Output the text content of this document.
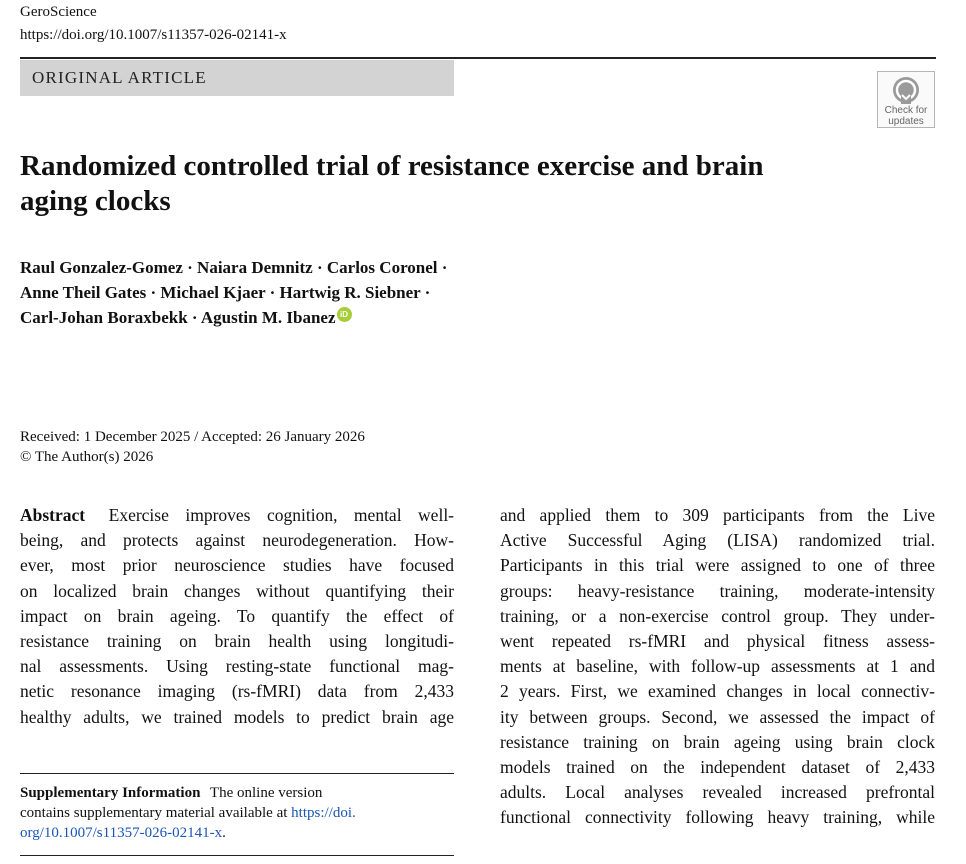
GeroScience
https://doi.org/10.1007/s11357-026-02141-x
ORIGINAL ARTICLE
Check for
updates
Randomized controlled trial of resistance exercise and brain
aging clocks
Raul Gonzalez-Gomez · Naiara Demnitz · Carlos Coronel ·
Anne Theil Gates · Michael Kjaer · Hartwig R. Siebner ·
Carl-Johan Boraxbekk · Agustin M. Ibanez iD
Received: 1 December 2025 / Accepted: 26 January 2026
© The Author(s) 2026
Abstract Exercise improves cognition, mental well-
being, and protects against neurodegeneration. How-
ever, most prior neuroscience studies have focused
on localized brain changes without quantifying their
impact on brain ageing. To quantify the effect of
resistance training on brain health using longitudi-
nal assessments. Using resting-state functional mag-
netic resonance imaging (rs-fMRI) data from 2,433
healthy adults, we trained models to predict brain age
and applied them to 309 participants from the Live
Active Successful Aging (LISA) randomized trial.
Participants in this trial were assigned to one of three
groups: heavy-resistance training, moderate-intensity
training, or a non-exercise control group. They under-
went repeated rs-fMRI and physical fitness assess-
ments at baseline, with follow-up assessments at 1 and
2 years. First, we examined changes in local connectiv-
ity between groups. Second, we assessed the impact of
resistance training on brain ageing using brain clock
models trained on the independent dataset of 2,433
adults. Local analyses revealed increased prefrontal
functional connectivity following heavy training, while
Supplementary Information The online version
contains supplementary material available at https://doi.
org/10.1007/s11357-026-02141-x.
